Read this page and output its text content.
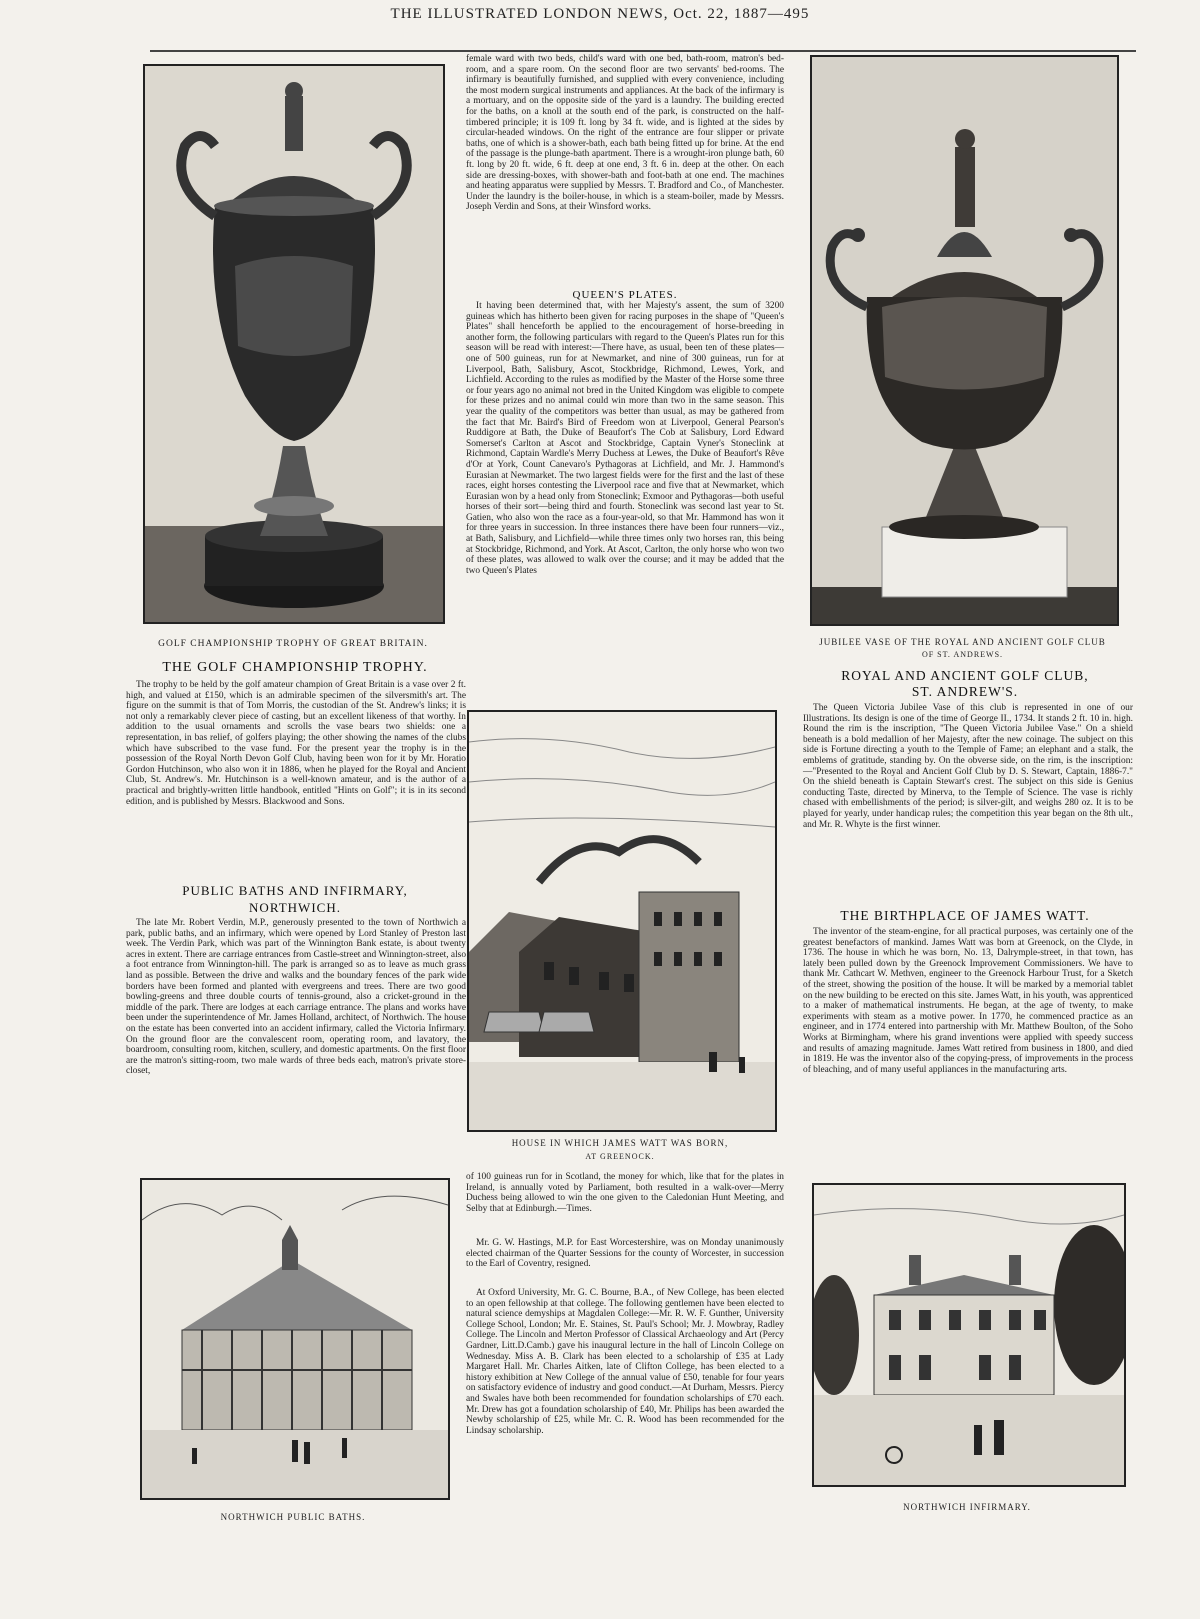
THE ILLUSTRATED LONDON NEWS, Oct. 22, 1887—495
GOLF CHAMPIONSHIP TROPHY OF GREAT BRITAIN.
THE GOLF CHAMPIONSHIP TROPHY.

The trophy to be held by the golf amateur champion of Great Britain is a vase over 2 ft. high, and valued at £150, which is an admirable specimen of the silversmith's art. The figure on the summit is that of Tom Morris, the custodian of the St. Andrew's links; it is not only a remarkably clever piece of casting, but an excellent likeness of that worthy. In addition to the usual ornaments and scrolls the vase bears two shields: one a representation, in bas relief, of golfers playing; the other showing the names of the clubs which have subscribed to the vase fund. For the present year the trophy is in the possession of the Royal North Devon Golf Club, having been won for it by Mr. Horatio Gordon Hutchinson, who also won it in 1886, when he played for the Royal and Ancient Club, St. Andrew's. Mr. Hutchinson is a well-known amateur, and is the author of a practical and brightly-written little handbook, entitled "Hints on Golf"; it is in its second edition, and is published by Messrs. Blackwood and Sons.

PUBLIC BATHS AND INFIRMARY,
NORTHWICH.

The late Mr. Robert Verdin, M.P., generously presented to the town of Northwich a park, public baths, and an infirmary, which were opened by Lord Stanley of Preston last week. The Verdin Park, which was part of the Winnington Bank estate, is about twenty acres in extent. There are carriage entrances from Castle-street and Winnington-street, also a foot entrance from Winnington-hill. The park is arranged so as to leave as much grass land as possible. Between the drive and walks and the boundary fences of the park wide borders have been formed and planted with evergreens and trees. There are two good bowling-greens and three double courts of tennis-ground, also a cricket-ground in the middle of the park. There are lodges at each carriage entrance. The plans and works have been under the superintendence of Mr. James Holland, architect, of Northwich. The house on the estate has been converted into an accident infirmary, called the Victoria Infirmary. On the ground floor are the convalescent room, operating room, and lavatory, the boardroom, consulting room, kitchen, scullery, and domestic apartments. On the first floor are the matron's sitting-room, two male wards of three beds each, matron's private store-closet,

NORTHWICH PUBLIC BATHS.

female ward with two beds, child's ward with one bed, bath-room, matron's bed-room, and a spare room. On the second floor are two servants' bed-rooms. The infirmary is beautifully furnished, and supplied with every convenience, including the most modern surgical instruments and appliances. At the back of the infirmary is a mortuary, and on the opposite side of the yard is a laundry. The building erected for the baths, on a knoll at the south end of the park, is constructed on the half-timbered principle; it is 109 ft. long by 34 ft. wide, and is lighted at the sides by circular-headed windows. On the right of the entrance are four slipper or private baths, one of which is a shower-bath, each bath being fitted up for brine. At the end of the passage is the plunge-bath apartment. There is a wrought-iron plunge bath, 60 ft. long by 20 ft. wide, 6 ft. deep at one end, 3 ft. 6 in. deep at the other. On each side are dressing-boxes, with shower-bath and foot-bath at one end. The machines and heating apparatus were supplied by Messrs. T. Bradford and Co., of Manchester. Under the laundry is the boiler-house, in which is a steam-boiler, made by Messrs. Joseph Verdin and Sons, at their Winsford works.

QUEEN'S PLATES.

It having been determined that, with her Majesty's assent, the sum of 3200 guineas which has hitherto been given for racing purposes in the shape of "Queen's Plates" shall henceforth be applied to the encouragement of horse-breeding in another form, the following particulars with regard to the Queen's Plates run for this season will be read with interest:—There have, as usual, been ten of these plates—one of 500 guineas, run for at Newmarket, and nine of 300 guineas, run for at Liverpool, Bath, Salisbury, Ascot, Stockbridge, Richmond, Lewes, York, and Lichfield. According to the rules as modified by the Master of the Horse some three or four years ago no animal not bred in the United Kingdom was eligible to compete for these prizes and no animal could win more than two in the same season. This year the quality of the competitors was better than usual, as may be gathered from the fact that Mr. Baird's Bird of Freedom won at Liverpool, General Pearson's Ruddigore at Bath, the Duke of Beaufort's The Cob at Salisbury, Lord Edward Somerset's Carlton at Ascot and Stockbridge, Captain Vyner's Stoneclink at Richmond, Captain Wardle's Merry Duchess at Lewes, the Duke of Beaufort's Rêve d'Or at York, Count Canevaro's Pythagoras at Lichfield, and Mr. J. Hammond's Eurasian at Newmarket. The two largest fields were for the first and the last of these races, eight horses contesting the Liverpool race and five that at Newmarket, which Eurasian won by a head only from Stoneclink; Exmoor and Pythagoras—both useful horses of their sort—being third and fourth. Stoneclink was second last year to St. Gatien, who also won the race as a four-year-old, so that Mr. Hammond has won it for three years in succession. In three instances there have been four runners—viz., at Bath, Salisbury, and Lichfield—while three times only two horses ran, this being at Stockbridge, Richmond, and York. At Ascot, Carlton, the only horse who won two of these plates, was allowed to walk over the course; and it may be added that the two Queen's Plates

HOUSE IN WHICH JAMES WATT WAS BORN,
AT GREENOCK.

of 100 guineas run for in Scotland, the money for which, like that for the plates in Ireland, is annually voted by Parliament, both resulted in a walk-over—Merry Duchess being allowed to win the one given to the Caledonian Hunt Meeting, and Selby that at Edinburgh.—Times.

Mr. G. W. Hastings, M.P. for East Worcestershire, was on Monday unanimously elected chairman of the Quarter Sessions for the county of Worcester, in succession to the Earl of Coventry, resigned.

At Oxford University, Mr. G. C. Bourne, B.A., of New College, has been elected to an open fellowship at that college. The following gentlemen have been elected to natural science demyships at Magdalen College:—Mr. R. W. F. Gunther, University College School, London; Mr. E. Staines, St. Paul's School; Mr. J. Mowbray, Radley College. The Lincoln and Merton Professor of Classical Archaeology and Art (Percy Gardner, Litt.D.Camb.) gave his inaugural lecture in the hall of Lincoln College on Wednesday. Miss A. B. Clark has been elected to a scholarship of £35 at Lady Margaret Hall. Mr. Charles Aitken, late of Clifton College, has been elected to a history exhibition at New College of the annual value of £50, tenable for four years on satisfactory evidence of industry and good conduct.—At Durham, Messrs. Piercy and Swales have both been recommended for foundation scholarships of £70 each. Mr. Drew has got a foundation scholarship of £40, Mr. Philips has been awarded the Newby scholarship of £25, while Mr. C. R. Wood has been recommended for the Lindsay scholarship.

JUBILEE VASE OF THE ROYAL AND ANCIENT GOLF CLUB
OF ST. ANDREWS.
ROYAL AND ANCIENT GOLF CLUB,
ST. ANDREW'S.

The Queen Victoria Jubilee Vase of this club is represented in one of our Illustrations. Its design is one of the time of George II., 1734. It stands 2 ft. 10 in. high. Round the rim is the inscription, "The Queen Victoria Jubilee Vase." On a shield beneath is a bold medallion of her Majesty, after the new coinage. The subject on this side is Fortune directing a youth to the Temple of Fame; an elephant and a stalk, the emblems of gratitude, standing by. On the obverse side, on the rim, is the inscription:—"Presented to the Royal and Ancient Golf Club by D. S. Stewart, Captain, 1886-7." On the shield beneath is Captain Stewart's crest. The subject on this side is Genius conducting Taste, directed by Minerva, to the Temple of Science. The vase is richly chased with embellishments of the period; is silver-gilt, and weighs 280 oz. It is to be played for yearly, under handicap rules; the competition this year began on the 8th ult., and Mr. R. Whyte is the first winner.

THE BIRTHPLACE OF JAMES WATT.

The inventor of the steam-engine, for all practical purposes, was certainly one of the greatest benefactors of mankind. James Watt was born at Greenock, on the Clyde, in 1736. The house in which he was born, No. 13, Dalrymple-street, in that town, has lately been pulled down by the Greenock Improvement Commissioners. We have to thank Mr. Cathcart W. Methven, engineer to the Greenock Harbour Trust, for a Sketch of the street, showing the position of the house. It will be marked by a memorial tablet on the new building to be erected on this site. James Watt, in his youth, was apprenticed to a maker of mathematical instruments. He began, at the age of twenty, to make experiments with steam as a motive power. In 1770, he commenced practice as an engineer, and in 1774 entered into partnership with Mr. Matthew Boulton, of the Soho Works at Birmingham, where his grand inventions were applied with speedy success and results of amazing magnitude. James Watt retired from business in 1800, and died in 1819. He was the inventor also of the copying-press, of improvements in the process of bleaching, and of many useful appliances in the manufacturing arts.

NORTHWICH INFIRMARY.
